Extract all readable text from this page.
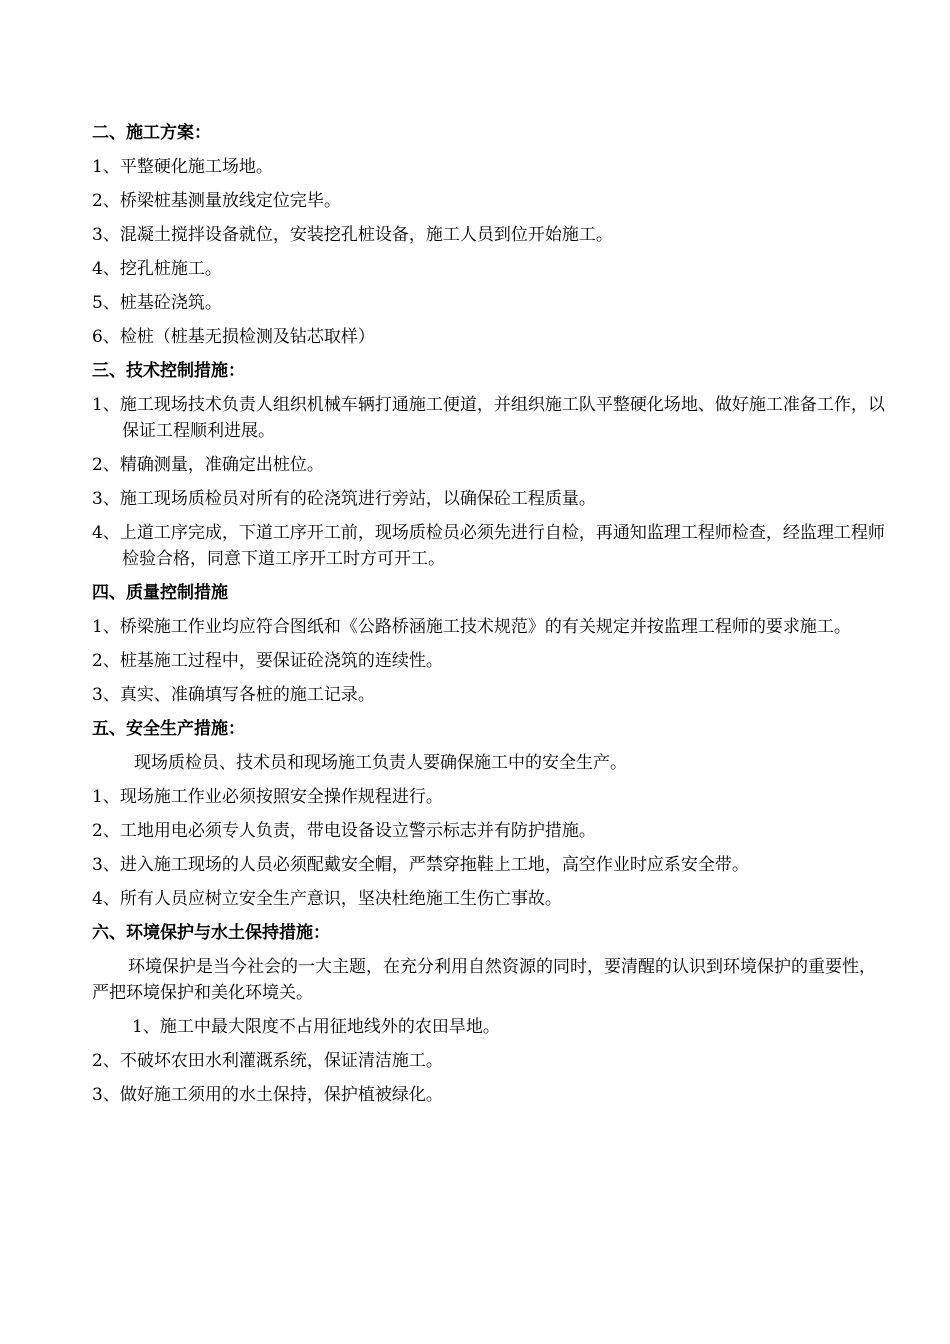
二、施工方案：
1、平整硬化施工场地。
2、桥梁桩基测量放线定位完毕。
3、混凝土搅拌设备就位，安装挖孔桩设备，施工人员到位开始施工。
4、挖孔桩施工。
5、桩基砼浇筑。
6、检桩（桩基无损检测及钻芯取样）
三、技术控制措施：
1、施工现场技术负责人组织机械车辆打通施工便道，并组织施工队平整硬化场地、做好施工准备工作，以保证工程顺利进展。
2、精确测量，准确定出桩位。
3、施工现场质检员对所有的砼浇筑进行旁站，以确保砼工程质量。
4、上道工序完成，下道工序开工前，现场质检员必须先进行自检，再通知监理工程师检查，经监理工程师检验合格，同意下道工序开工时方可开工。
四、质量控制措施
1、桥梁施工作业均应符合图纸和《公路桥涵施工技术规范》的有关规定并按监理工程师的要求施工。
2、桩基施工过程中，要保证砼浇筑的连续性。
3、真实、准确填写各桩的施工记录。
五、安全生产措施：
现场质检员、技术员和现场施工负责人要确保施工中的安全生产。
1、现场施工作业必须按照安全操作规程进行。
2、工地用电必须专人负责，带电设备设立警示标志并有防护措施。
3、进入施工现场的人员必须配戴安全帽，严禁穿拖鞋上工地，高空作业时应系安全带。
4、所有人员应树立安全生产意识，坚决杜绝施工生伤亡事故。
六、环境保护与水土保持措施：
环境保护是当今社会的一大主题，在充分利用自然资源的同时，要清醒的认识到环境保护的重要性，严把环境保护和美化环境关。
1、施工中最大限度不占用征地线外的农田旱地。
2、不破坏农田水利灌溉系统，保证清洁施工。
3、做好施工须用的水土保持，保护植被绿化。
